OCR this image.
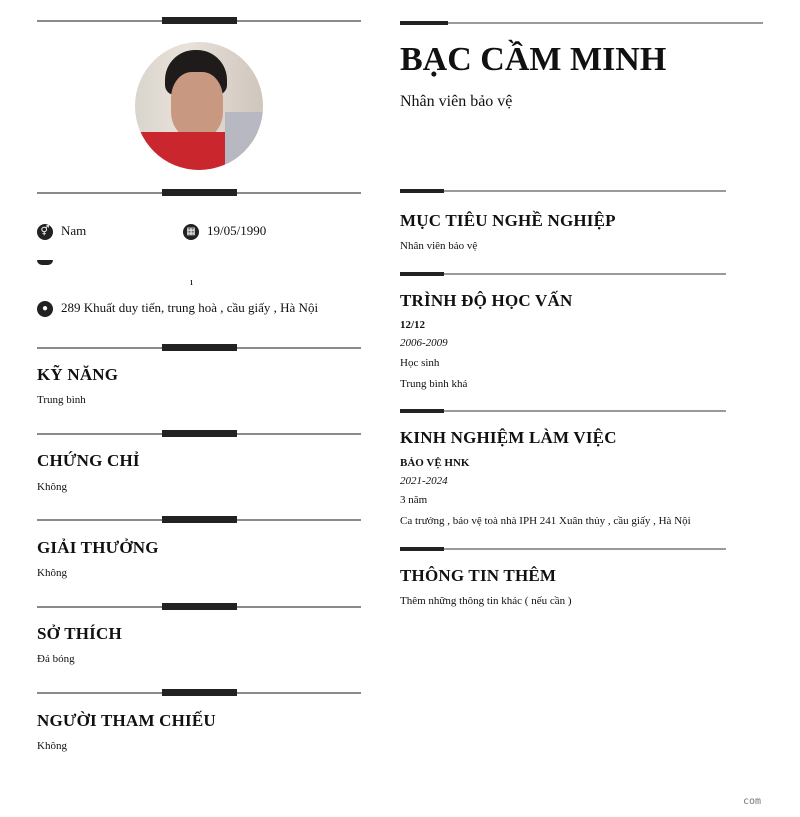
⚥ Nam	▦ 19/05/1990
ı
● 289 Khuất duy tiến, trung hoà , cầu giấy , Hà Nội
KỸ NĂNG
Trung bình
CHỨNG CHỈ
Không
GIẢI THƯỞNG
Không
SỞ THÍCH
Đá bóng
NGƯỜI THAM CHIẾU
Không
BẠC CẦM MINH
Nhân viên bảo vệ
MỤC TIÊU NGHỀ NGHIỆP
Nhân viên bảo vệ
TRÌNH ĐỘ HỌC VẤN
12/12
2006-2009
Học sinh
Trung bình khá
KINH NGHIỆM LÀM VIỆC
BẢO VỆ HNK
2021-2024
3 năm
Ca trưởng , bảo vệ toà nhà IPH 241 Xuân thủy , cầu giấy , Hà Nội
THÔNG TIN THÊM
Thêm những thông tin khác ( nếu cần )
com
